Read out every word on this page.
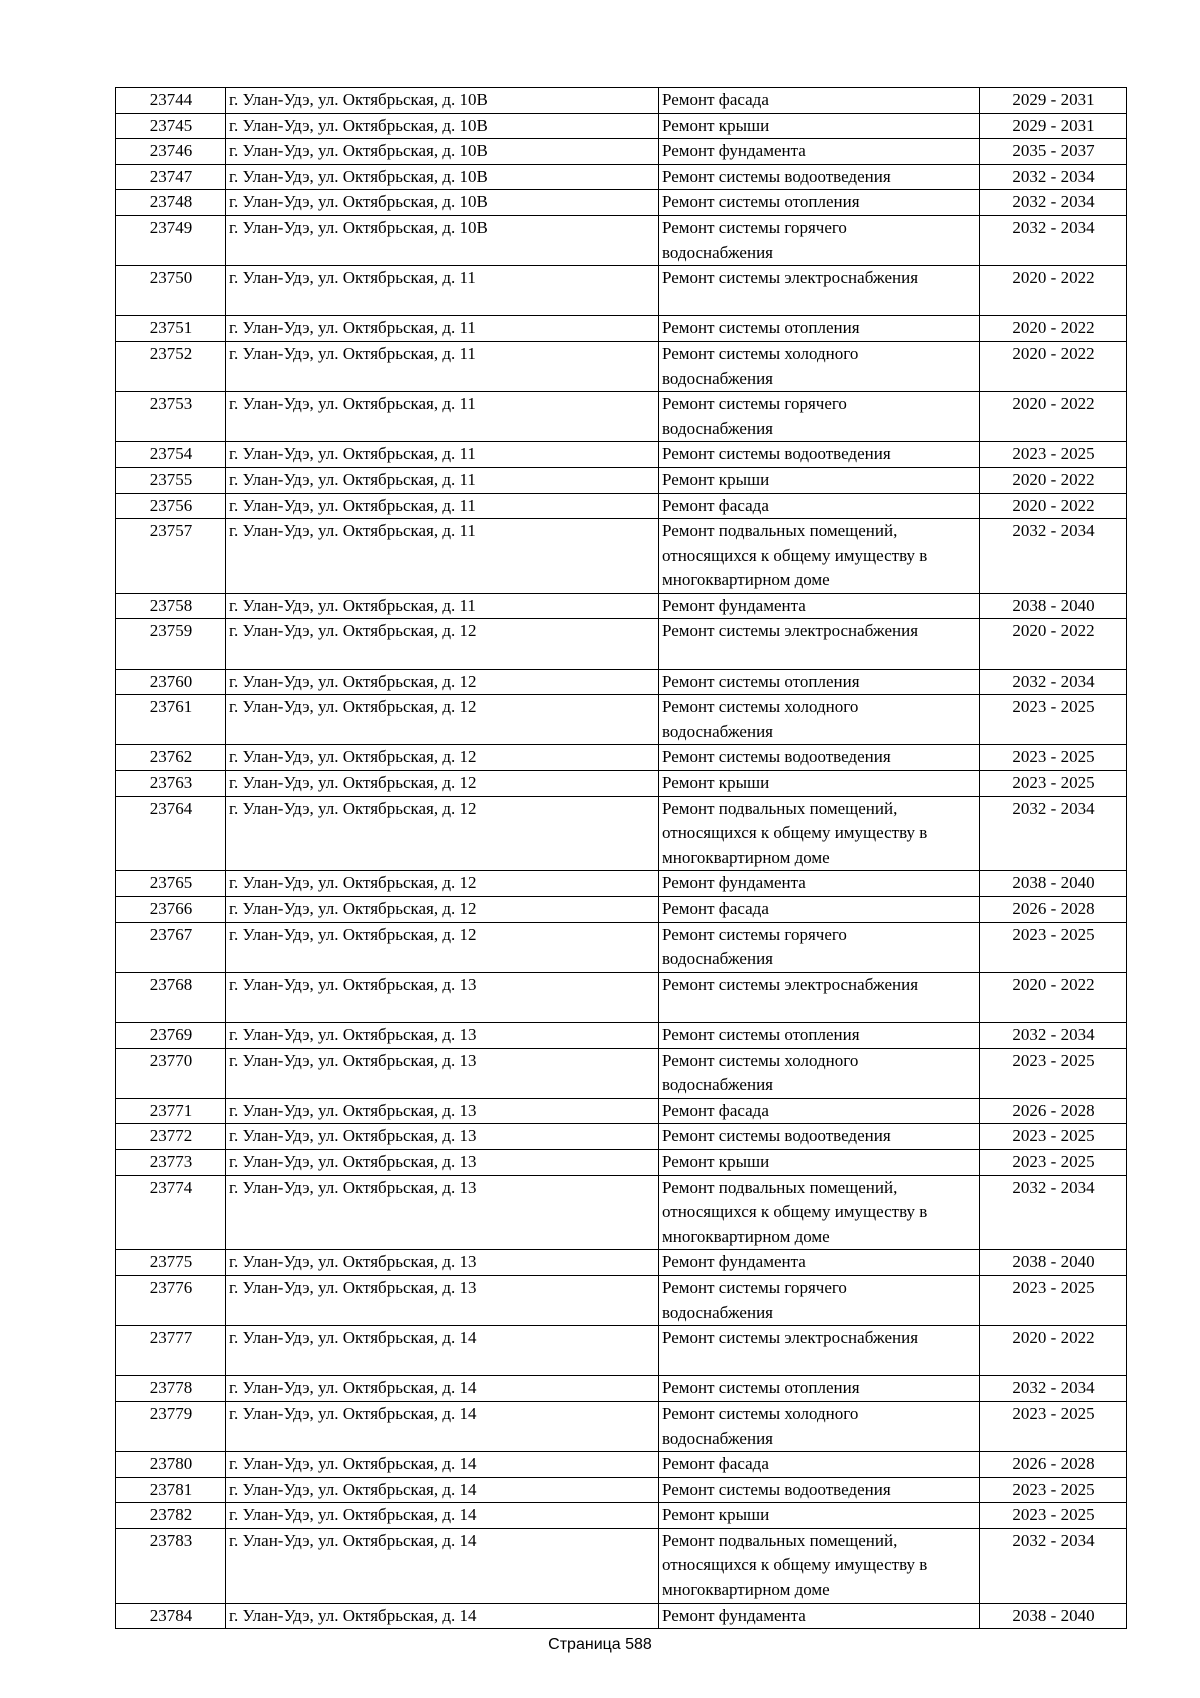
23744	г. Улан-Удэ, ул. Октябрьская, д. 10В	Ремонт фасада	2029 - 2031
23745	г. Улан-Удэ, ул. Октябрьская, д. 10В	Ремонт крыши	2029 - 2031
23746	г. Улан-Удэ, ул. Октябрьская, д. 10В	Ремонт фундамента	2035 - 2037
23747	г. Улан-Удэ, ул. Октябрьская, д. 10В	Ремонт системы водоотведения	2032 - 2034
23748	г. Улан-Удэ, ул. Октябрьская, д. 10В	Ремонт системы отопления	2032 - 2034
23749	г. Улан-Удэ, ул. Октябрьская, д. 10В	Ремонт системы горячего
водоснабжения	2032 - 2034
23750	г. Улан-Удэ, ул. Октябрьская, д. 11	Ремонт системы электроснабжения	2020 - 2022
23751	г. Улан-Удэ, ул. Октябрьская, д. 11	Ремонт системы отопления	2020 - 2022
23752	г. Улан-Удэ, ул. Октябрьская, д. 11	Ремонт системы холодного
водоснабжения	2020 - 2022
23753	г. Улан-Удэ, ул. Октябрьская, д. 11	Ремонт системы горячего
водоснабжения	2020 - 2022
23754	г. Улан-Удэ, ул. Октябрьская, д. 11	Ремонт системы водоотведения	2023 - 2025
23755	г. Улан-Удэ, ул. Октябрьская, д. 11	Ремонт крыши	2020 - 2022
23756	г. Улан-Удэ, ул. Октябрьская, д. 11	Ремонт фасада	2020 - 2022
23757	г. Улан-Удэ, ул. Октябрьская, д. 11	Ремонт подвальных помещений,
относящихся к общему имуществу в
многоквартирном доме	2032 - 2034
23758	г. Улан-Удэ, ул. Октябрьская, д. 11	Ремонт фундамента	2038 - 2040
23759	г. Улан-Удэ, ул. Октябрьская, д. 12	Ремонт системы электроснабжения	2020 - 2022
23760	г. Улан-Удэ, ул. Октябрьская, д. 12	Ремонт системы отопления	2032 - 2034
23761	г. Улан-Удэ, ул. Октябрьская, д. 12	Ремонт системы холодного
водоснабжения	2023 - 2025
23762	г. Улан-Удэ, ул. Октябрьская, д. 12	Ремонт системы водоотведения	2023 - 2025
23763	г. Улан-Удэ, ул. Октябрьская, д. 12	Ремонт крыши	2023 - 2025
23764	г. Улан-Удэ, ул. Октябрьская, д. 12	Ремонт подвальных помещений,
относящихся к общему имуществу в
многоквартирном доме	2032 - 2034
23765	г. Улан-Удэ, ул. Октябрьская, д. 12	Ремонт фундамента	2038 - 2040
23766	г. Улан-Удэ, ул. Октябрьская, д. 12	Ремонт фасада	2026 - 2028
23767	г. Улан-Удэ, ул. Октябрьская, д. 12	Ремонт системы горячего
водоснабжения	2023 - 2025
23768	г. Улан-Удэ, ул. Октябрьская, д. 13	Ремонт системы электроснабжения	2020 - 2022
23769	г. Улан-Удэ, ул. Октябрьская, д. 13	Ремонт системы отопления	2032 - 2034
23770	г. Улан-Удэ, ул. Октябрьская, д. 13	Ремонт системы холодного
водоснабжения	2023 - 2025
23771	г. Улан-Удэ, ул. Октябрьская, д. 13	Ремонт фасада	2026 - 2028
23772	г. Улан-Удэ, ул. Октябрьская, д. 13	Ремонт системы водоотведения	2023 - 2025
23773	г. Улан-Удэ, ул. Октябрьская, д. 13	Ремонт крыши	2023 - 2025
23774	г. Улан-Удэ, ул. Октябрьская, д. 13	Ремонт подвальных помещений,
относящихся к общему имуществу в
многоквартирном доме	2032 - 2034
23775	г. Улан-Удэ, ул. Октябрьская, д. 13	Ремонт фундамента	2038 - 2040
23776	г. Улан-Удэ, ул. Октябрьская, д. 13	Ремонт системы горячего
водоснабжения	2023 - 2025
23777	г. Улан-Удэ, ул. Октябрьская, д. 14	Ремонт системы электроснабжения	2020 - 2022
23778	г. Улан-Удэ, ул. Октябрьская, д. 14	Ремонт системы отопления	2032 - 2034
23779	г. Улан-Удэ, ул. Октябрьская, д. 14	Ремонт системы холодного
водоснабжения	2023 - 2025
23780	г. Улан-Удэ, ул. Октябрьская, д. 14	Ремонт фасада	2026 - 2028
23781	г. Улан-Удэ, ул. Октябрьская, д. 14	Ремонт системы водоотведения	2023 - 2025
23782	г. Улан-Удэ, ул. Октябрьская, д. 14	Ремонт крыши	2023 - 2025
23783	г. Улан-Удэ, ул. Октябрьская, д. 14	Ремонт подвальных помещений,
относящихся к общему имуществу в
многоквартирном доме	2032 - 2034
23784	г. Улан-Удэ, ул. Октябрьская, д. 14	Ремонт фундамента	2038 - 2040
Страница 588
